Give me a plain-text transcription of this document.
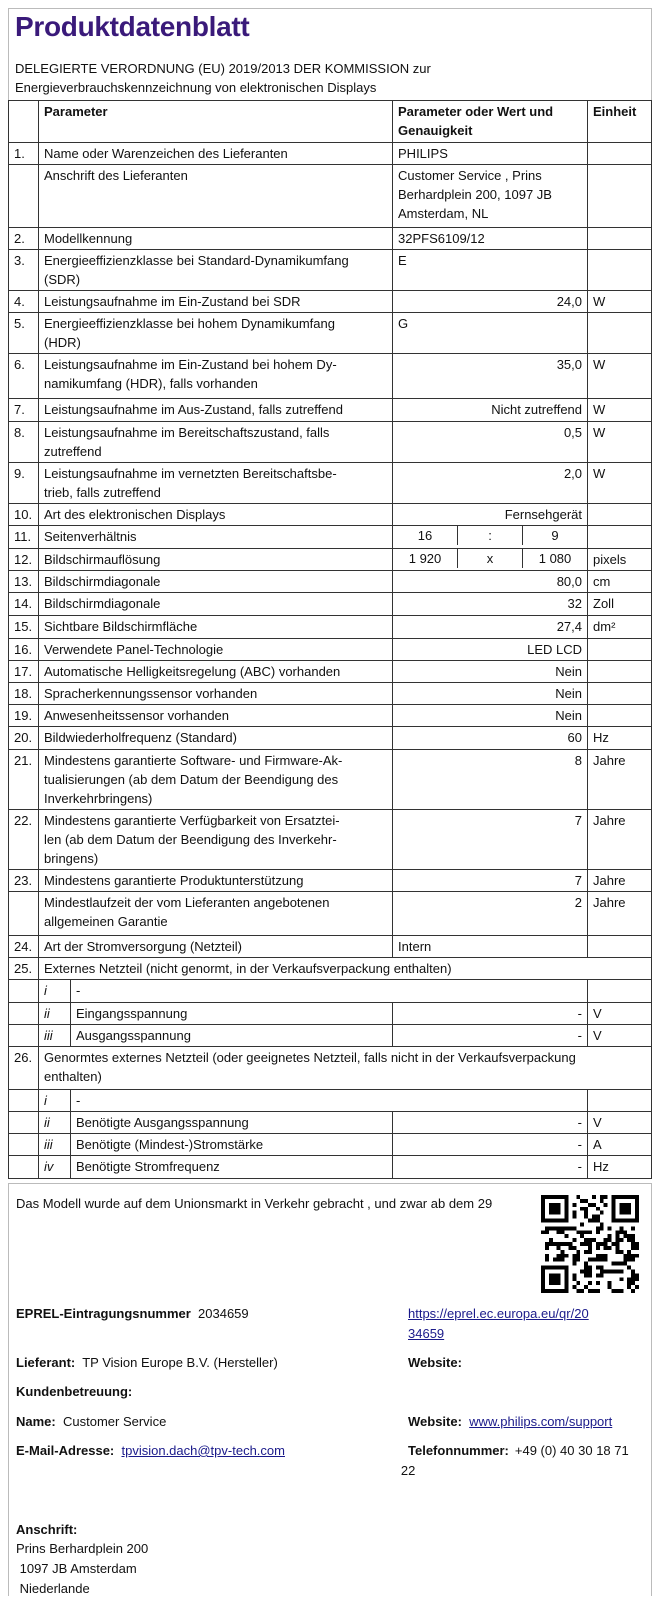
Produktdatenblatt
DELEGIERTE VERORDNUNG (EU) 2019/2013 DER KOMMISSION zur
Energieverbrauchskennzeichnung von elektronischen Displays
	Parameter		Parameter oder Wert und Genauigkeit	Einheit
1.	Name oder Warenzeichen des Lieferanten		PHILIPS	
	Anschrift des Lieferanten		Customer Service , Prins
Berhardplein 200, 1097 JB
Amsterdam, NL	
2.	Modellkennung		32PFS6109/12	
3.	Energieeffizienzklasse bei Standard-Dynamikumfang
(SDR)		E	
4.	Leistungsaufnahme im Ein-Zustand bei SDR		24,0	W
5.	Energieeffizienzklasse bei hohem Dynamikumfang
(HDR)		G	
6.	Leistungsaufnahme im Ein-Zustand bei hohem Dy-
namikumfang (HDR), falls vorhanden		35,0	W
7.	Leistungsaufnahme im Aus-Zustand, falls zutreffend		Nicht zutreffend	W
8.	Leistungsaufnahme im Bereitschaftszustand, falls
zutreffend		0,5	W
9.	Leistungsaufnahme im vernetzten Bereitschaftsbe-
trieb, falls zutreffend		2,0	W
10.	Art des elektronischen Displays		Fernsehgerät	
11.	Seitenverhältnis		16 : 9	

12.	Bildschirmauflösung		1 920 x 1 080	pixels
13.	Bildschirmdiagonale		80,0	cm
14.	Bildschirmdiagonale		32	Zoll
15.	Sichtbare Bildschirmfläche		27,4	dm²
16.	Verwendete Panel-Technologie		LED LCD	
17.	Automatische Helligkeitsregelung (ABC) vorhanden		Nein	
18.	Spracherkennungssensor vorhanden		Nein	
19.	Anwesenheitssensor vorhanden		Nein	
20.	Bildwiederholfrequenz (Standard)		60	Hz
21.	Mindestens garantierte Software- und Firmware-Ak-
tualisierungen (ab dem Datum der Beendigung des
Inverkehrbringens)		8	Jahre
22.	Mindestens garantierte Verfügbarkeit von Ersatztei-
len (ab dem Datum der Beendigung des Inverkehr-
bringens)		7	Jahre
23.	Mindestens garantierte Produktunterstützung		7	Jahre
	Mindestlaufzeit der vom Lieferanten angebotenen
allgemeinen Garantie		2	Jahre
24.	Art der Stromversorgung (Netzteil)		Intern	
25.	Externes Netzteil (nicht genormt, in der Verkaufsverpackung enthalten)			
	i	-		
	ii	Eingangsspannung	-	V
	iii	Ausgangsspannung	-	V
26.	Genormtes externes Netzteil (oder geeignetes Netzteil, falls nicht in der Verkaufsverpackung
enthalten)			
	i	-		
	ii	Benötigte Ausgangsspannung	-	V
	iii	Benötigte (Mindest-)Stromstärke	-	A
	iv	Benötigte Stromfrequenz	-	Hz
Das Modell wurde auf dem Unionsmarkt in Verkehr gebracht , und zwar ab dem 29
EPREL-Eintragungsnummer 2034659	https://eprel.ec.europa.eu/qr/20
34659
Lieferant: TP Vision Europe B.V. (Hersteller)	Website:
Kundenbetreuung:
Name: Customer Service	Website: www.philips.com/support
E-Mail-Adresse: tpvision.dach@tpv-tech.com	Telefonnummer: +49 (0) 40 30 18 71
22
Anschrift:
Prins Berhardplein 200
1097 JB Amsterdam
Niederlande
